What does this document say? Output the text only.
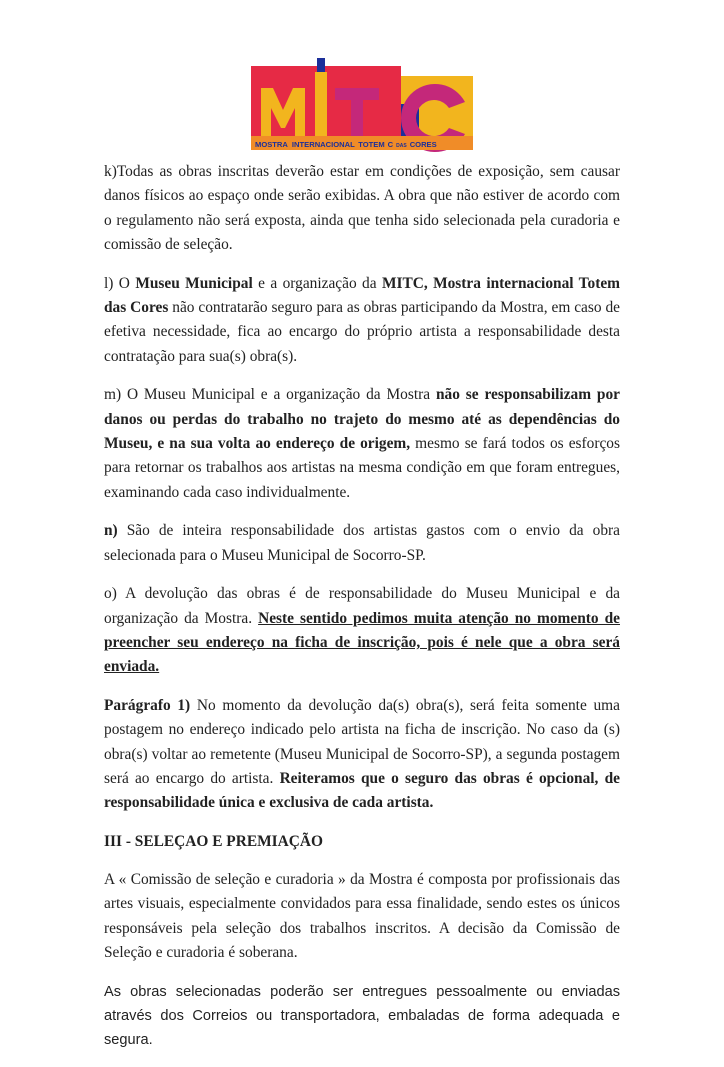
MOSTRA INTERNACIONAL TOTEM C DAS CORES

k)Todas as obras inscritas deverão estar em condições de exposição, sem causar danos físicos ao espaço onde serão exibidas. A obra que não estiver de acordo com o regulamento não será exposta, ainda que tenha sido selecionada pela curadoria e comissão de seleção.

l) O Museu Municipal e a organização da MITC, Mostra internacional Totem das Cores não contratarão seguro para as obras participando da Mostra, em caso de efetiva necessidade, fica ao encargo do próprio artista a responsabilidade desta contratação para sua(s) obra(s).

m) O Museu Municipal e a organização da Mostra não se responsabilizam por danos ou perdas do trabalho no trajeto do mesmo até as dependências do Museu, e na sua volta ao endereço de origem, mesmo se fará todos os esforços para retornar os trabalhos aos artistas na mesma condição em que foram entregues, examinando cada caso individualmente.

n) São de inteira responsabilidade dos artistas gastos com o envio da obra selecionada para o Museu Municipal de Socorro-SP.

o) A devolução das obras é de responsabilidade do Museu Municipal e da organização da Mostra. Neste sentido pedimos muita atenção no momento de preencher seu endereço na ficha de inscrição, pois é nele que a obra será enviada.

Parágrafo 1) No momento da devolução da(s) obra(s), será feita somente uma postagem no endereço indicado pelo artista na ficha de inscrição. No caso da (s) obra(s) voltar ao remetente (Museu Municipal de Socorro-SP), a segunda postagem será ao encargo do artista. Reiteramos que o seguro das obras é opcional, de responsabilidade única e exclusiva de cada artista.

III - SELEÇAO E PREMIAÇÃO

A « Comissão de seleção e curadoria » da Mostra é composta por profissionais das artes visuais, especialmente convidados para essa finalidade, sendo estes os únicos responsáveis pela seleção dos trabalhos inscritos. A decisão da Comissão de Seleção e curadoria é soberana.

As obras selecionadas poderão ser entregues pessoalmente ou enviadas através dos Correios ou transportadora, embaladas de forma adequada e segura.
